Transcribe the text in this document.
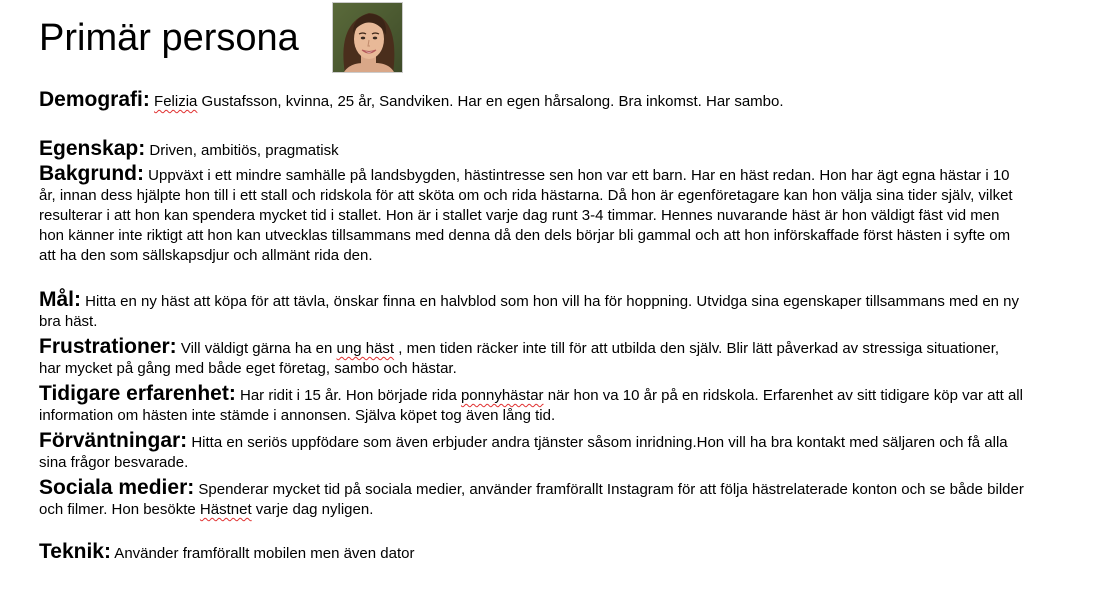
Primär persona

Demografi: Felizia Gustafsson, kvinna, 25 år, Sandviken. Har en egen hårsalong. Bra inkomst. Har sambo.

Egenskap: Driven, ambitiös, pragmatisk

Bakgrund: Uppväxt i ett mindre samhälle på landsbygden, hästintresse sen hon var ett barn. Har en häst redan. Hon har ägt egna hästar i 10 år, innan dess hjälpte hon till i ett stall och ridskola för att sköta om och rida hästarna. Då hon är egenföretagare kan hon välja sina tider själv, vilket resulterar i att hon kan spendera mycket tid i stallet. Hon är i stallet varje dag runt 3-4 timmar. Hennes nuvarande häst är hon väldigt fäst vid men hon känner inte riktigt att hon kan utvecklas tillsammans med denna då den dels börjar bli gammal och att hon införskaffade först hästen i syfte om att ha den som sällskapsdjur och allmänt rida den.

Mål: Hitta en ny häst att köpa för att tävla, önskar finna en halvblod som hon vill ha för hoppning. Utvidga sina egenskaper tillsammans med en ny bra häst.

Frustrationer: Vill väldigt gärna ha en ung häst , men tiden räcker inte till för att utbilda den själv. Blir lätt påverkad av stressiga situationer, har mycket på gång med både eget företag, sambo och hästar.

Tidigare erfarenhet: Har ridit i 15 år. Hon började rida ponnyhästar när hon va 10 år på en ridskola. Erfarenhet av sitt tidigare köp var att all information om hästen inte stämde i annonsen. Själva köpet tog även lång tid.

Förväntningar: Hitta en seriös uppfödare som även erbjuder andra tjänster såsom inridning.Hon vill ha bra kontakt med säljaren och få alla sina frågor besvarade.

Sociala medier: Spenderar mycket tid på sociala medier, använder framförallt Instagram för att följa hästrelaterade konton och se både bilder och filmer. Hon besökte Hästnet varje dag nyligen.

Teknik: Använder framförallt mobilen men även dator
